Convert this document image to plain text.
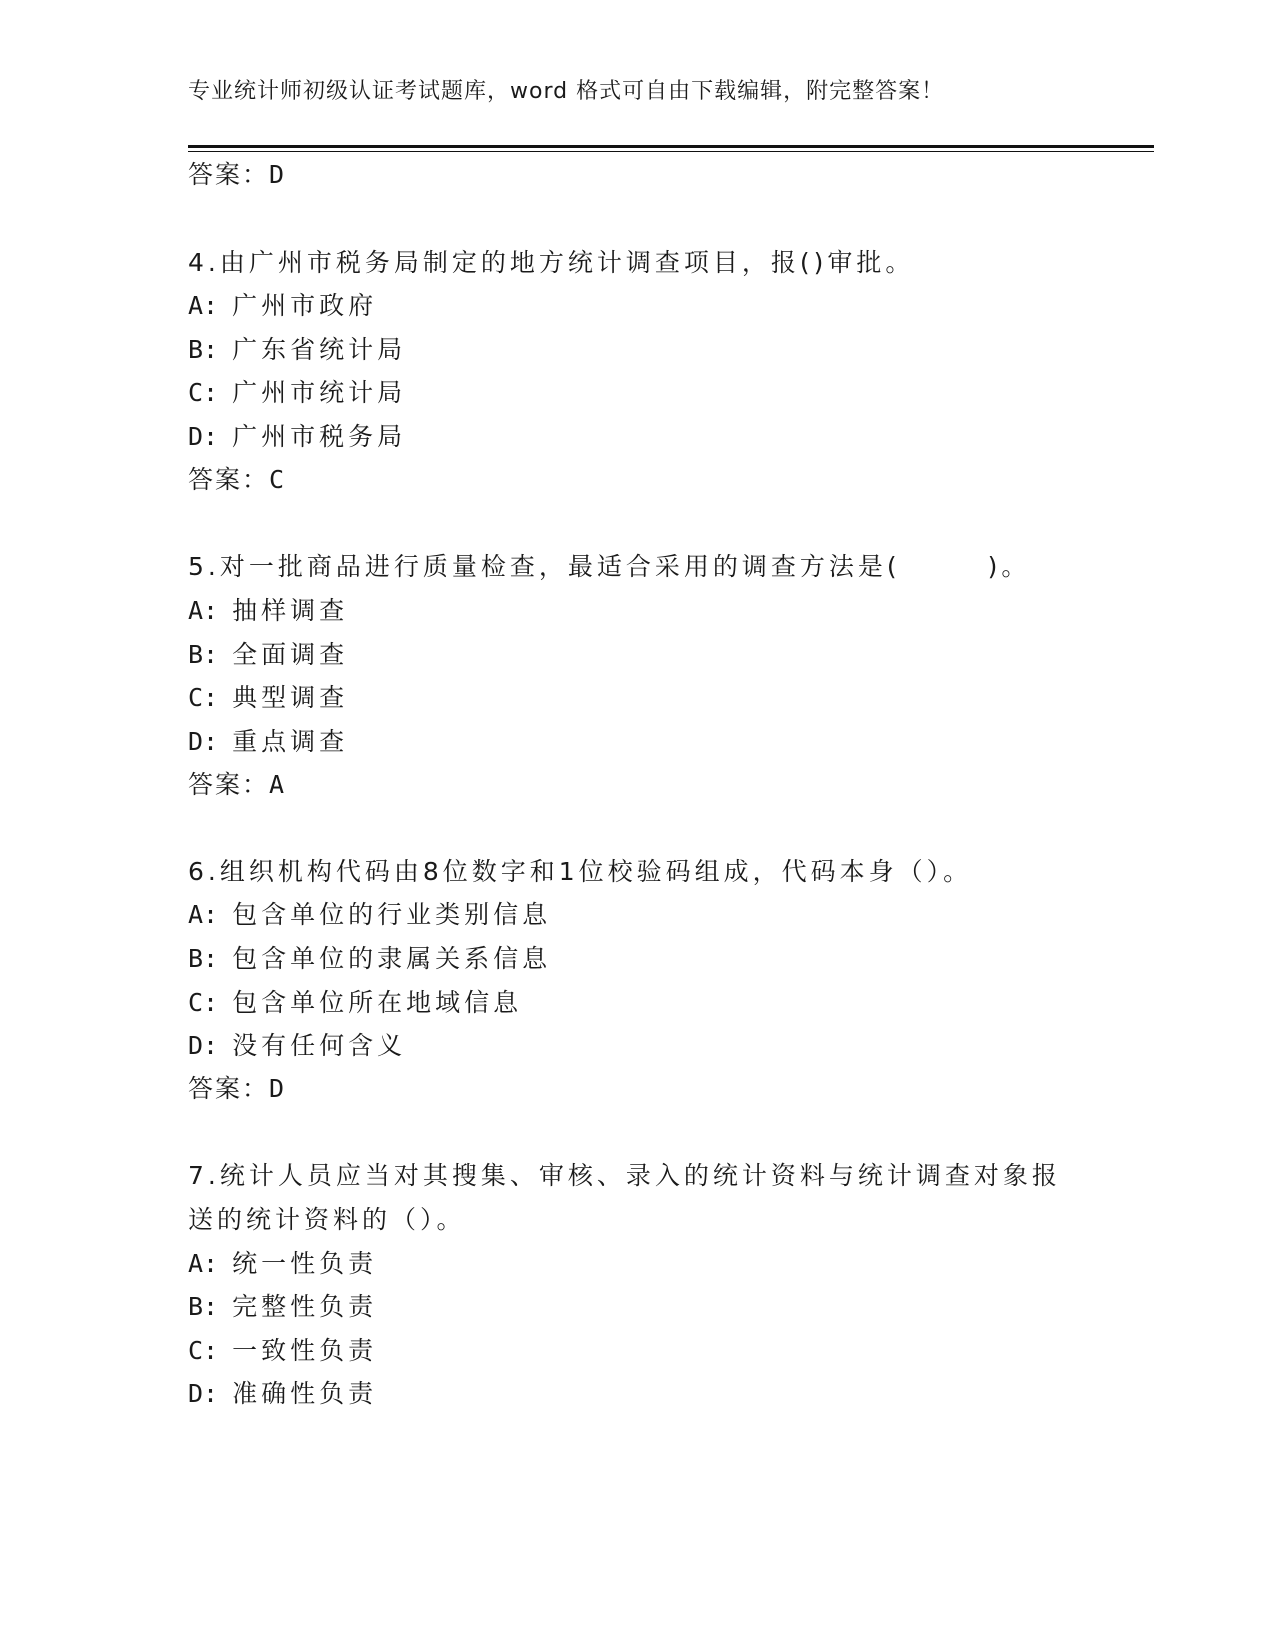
专业统计师初级认证考试题库，word 格式可自由下载编辑，附完整答案！
答案：D
4.由广州市税务局制定的地方统计调查项目，报()审批。
A: 广州市政府
B: 广东省统计局
C: 广州市统计局
D: 广州市税务局
答案：C
5.对一批商品进行质量检查，最适合采用的调查方法是(　　　)。
A: 抽样调查
B: 全面调查
C: 典型调查
D: 重点调查
答案：A
6.组织机构代码由8位数字和1位校验码组成，代码本身（）。
A: 包含单位的行业类别信息
B: 包含单位的隶属关系信息
C: 包含单位所在地域信息
D: 没有任何含义
答案：D
7.统计人员应当对其搜集、审核、录入的统计资料与统计调查对象报
送的统计资料的（）。
A: 统一性负责
B: 完整性负责
C: 一致性负责
D: 准确性负责
